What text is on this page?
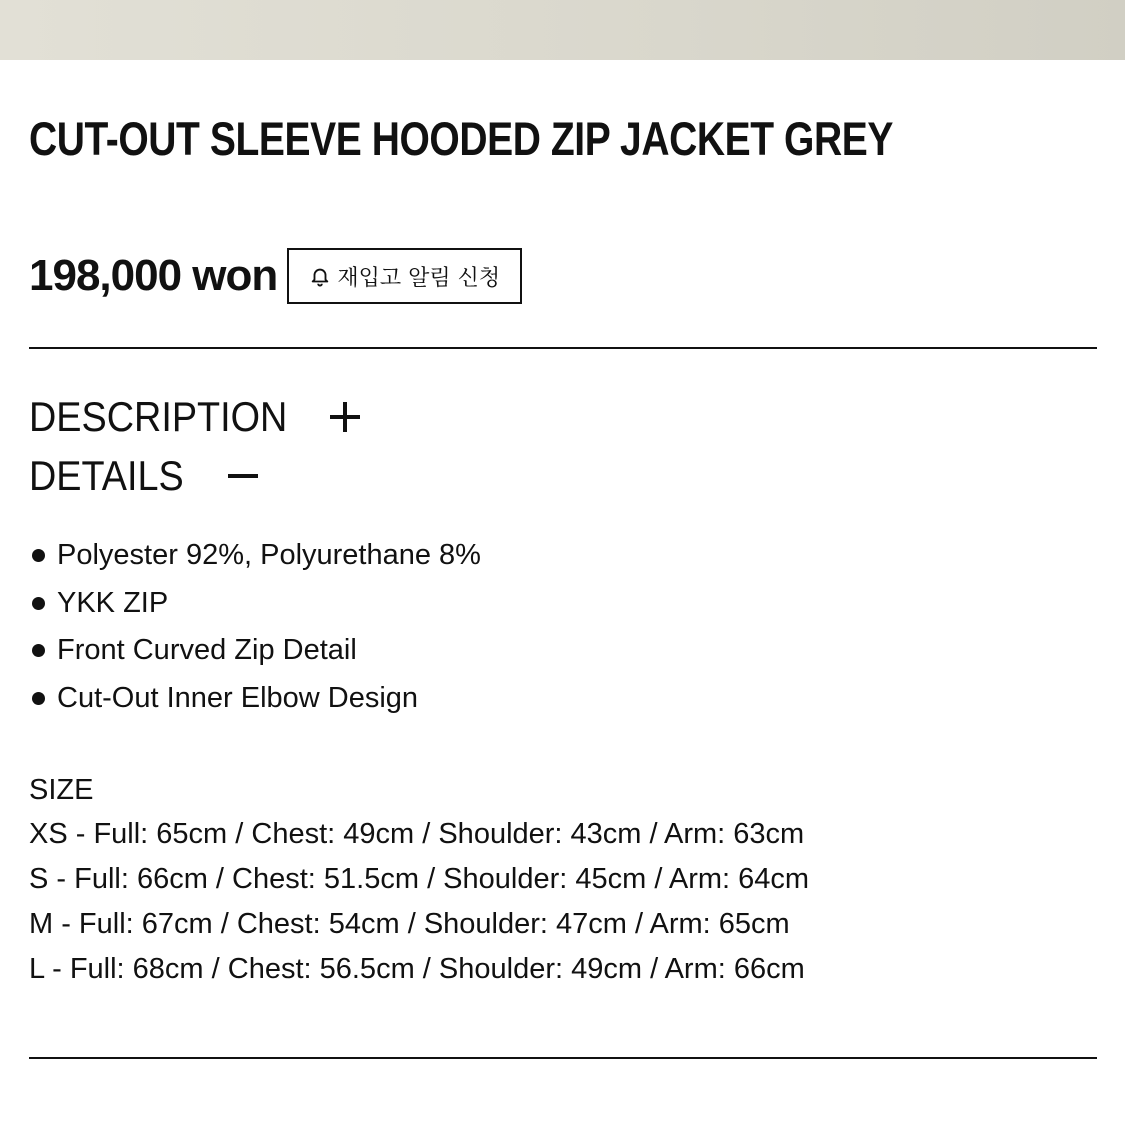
CUT-OUT SLEEVE HOODED ZIP JACKET GREY
198,000 won	재입고 알림 신청
DESCRIPTION
DETAILS
Polyester 92%, Polyurethane 8%
YKK ZIP
Front Curved Zip Detail
Cut-Out Inner Elbow Design
SIZE
XS - Full: 65cm / Chest: 49cm / Shoulder: 43cm / Arm: 63cm
S - Full: 66cm / Chest: 51.5cm / Shoulder: 45cm / Arm: 64cm
M - Full: 67cm / Chest: 54cm / Shoulder: 47cm / Arm: 65cm
L - Full: 68cm / Chest: 56.5cm / Shoulder: 49cm / Arm: 66cm
